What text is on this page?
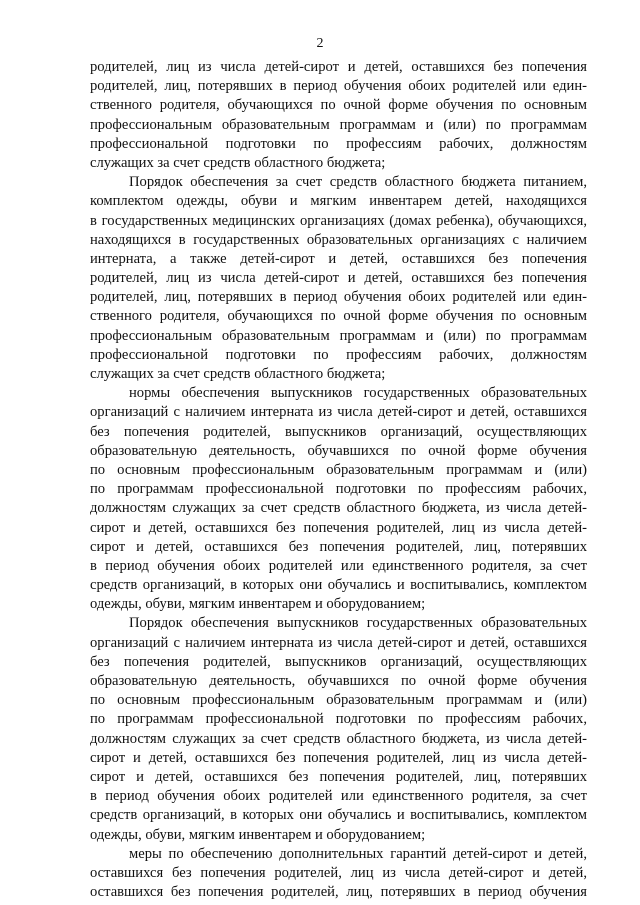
2
родителей, лиц из числа детей-сирот и детей, оставшихся без попечения
родителей, лиц, потерявших в период обучения обоих родителей или един-
ственного родителя, обучающихся по очной форме обучения по основным
профессиональным образовательным программам и (или) по программам
профессиональной подготовки по профессиям рабочих, должностям
служащих за счет средств областного бюджета;
Порядок обеспечения за счет средств областного бюджета питанием,
комплектом одежды, обуви и мягким инвентарем детей, находящихся
в государственных медицинских организациях (домах ребенка), обучающихся,
находящихся в государственных образовательных организациях с наличием
интерната, а также детей-сирот и детей, оставшихся без попечения
родителей, лиц из числа детей-сирот и детей, оставшихся без попечения
родителей, лиц, потерявших в период обучения обоих родителей или един-
ственного родителя, обучающихся по очной форме обучения по основным
профессиональным образовательным программам и (или) по программам
профессиональной подготовки по профессиям рабочих, должностям
служащих за счет средств областного бюджета;
нормы обеспечения выпускников государственных образовательных
организаций с наличием интерната из числа детей-сирот и детей, оставшихся
без попечения родителей, выпускников организаций, осуществляющих
образовательную деятельность, обучавшихся по очной форме обучения
по основным профессиональным образовательным программам и (или)
по программам профессиональной подготовки по профессиям рабочих,
должностям служащих за счет средств областного бюджета, из числа детей-
сирот и детей, оставшихся без попечения родителей, лиц из числа детей-
сирот и детей, оставшихся без попечения родителей, лиц, потерявших
в период обучения обоих родителей или единственного родителя, за счет
средств организаций, в которых они обучались и воспитывались, комплектом
одежды, обуви, мягким инвентарем и оборудованием;
Порядок обеспечения выпускников государственных образовательных
организаций с наличием интерната из числа детей-сирот и детей, оставшихся
без попечения родителей, выпускников организаций, осуществляющих
образовательную деятельность, обучавшихся по очной форме обучения
по основным профессиональным образовательным программам и (или)
по программам профессиональной подготовки по профессиям рабочих,
должностям служащих за счет средств областного бюджета, из числа детей-
сирот и детей, оставшихся без попечения родителей, лиц из числа детей-
сирот и детей, оставшихся без попечения родителей, лиц, потерявших
в период обучения обоих родителей или единственного родителя, за счет
средств организаций, в которых они обучались и воспитывались, комплектом
одежды, обуви, мягким инвентарем и оборудованием;
меры по обеспечению дополнительных гарантий детей-сирот и детей,
оставшихся без попечения родителей, лиц из числа детей-сирот и детей,
оставшихся без попечения родителей, лиц, потерявших в период обучения
